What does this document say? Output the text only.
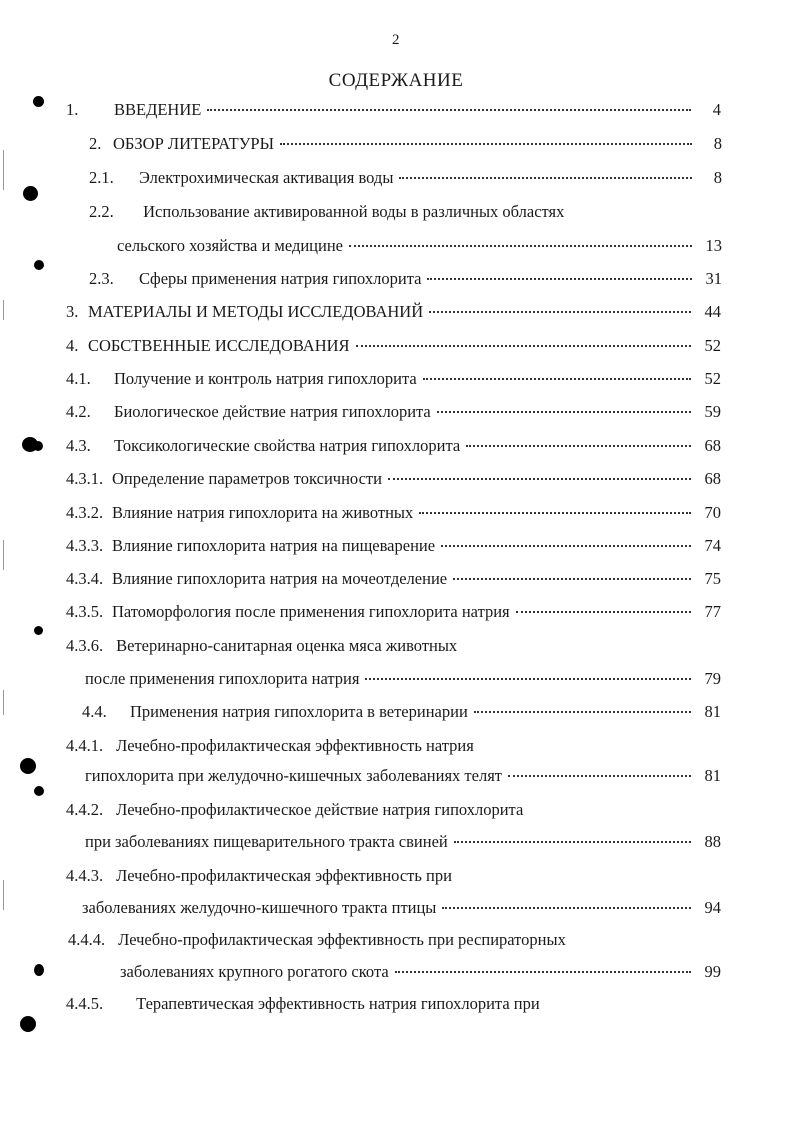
2
СОДЕРЖАНИЕ
1.	ВВЕДЕНИЕ	4
2. ОБЗОР ЛИТЕРАТУРЫ	8
2.1.	Электрохимическая активация воды	8
2.2. Использование активированной воды в различных областях
сельского хозяйства и медицине	13
2.3.	Сферы применения натрия гипохлорита	31
3. МАТЕРИАЛЫ И МЕТОДЫ ИССЛЕДОВАНИЙ	44
4. СОБСТВЕННЫЕ ИССЛЕДОВАНИЯ	52
4.1.	Получение и контроль натрия гипохлорита	52
4.2.	Биологическое действие натрия гипохлорита	59
4.3.	Токсикологические свойства натрия гипохлорита	68
4.3.1. Определение параметров токсичности	68
4.3.2. Влияние натрия гипохлорита на животных	70
4.3.3. Влияние гипохлорита натрия на пищеварение	74
4.3.4. Влияние гипохлорита натрия на мочеотделение	75
4.3.5. Патоморфология после применения гипохлорита натрия	77
4.3.6. Ветеринарно-санитарная оценка мяса животных
после применения гипохлорита натрия	79
4.4.	Применения натрия гипохлорита в ветеринарии	81
4.4.1. Лечебно-профилактическая эффективность натрия
гипохлорита при желудочно-кишечных заболеваниях телят	81
4.4.2. Лечебно-профилактическое действие натрия гипохлорита
при заболеваниях пищеварительного тракта свиней	88
4.4.3. Лечебно-профилактическая эффективность при
заболеваниях желудочно-кишечного тракта птицы	94
4.4.4. Лечебно-профилактическая эффективность при респираторных
заболеваниях крупного рогатого скота	99
4.4.5. Терапевтическая эффективность натрия гипохлорита при
